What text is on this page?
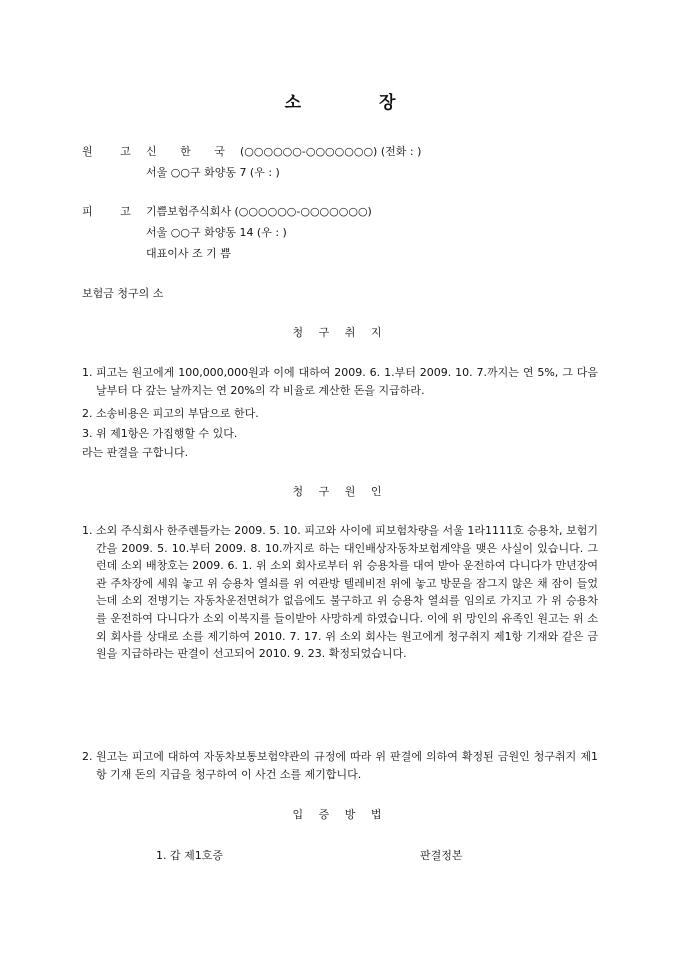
소	장
원 고 신 한 국 (○○○○○○-○○○○○○○) (전화 : )
서울 ○○구 화양동 7 (우 : )
피 고 기쁨보험주식회사 (○○○○○○-○○○○○○○)
서울 ○○구 화양동 14 (우 : )
대표이사 조 기 쁨
보험금 청구의 소
청 구 취 지
1. 피고는 원고에게 100,000,000원과 이에 대하여 2009. 6. 1.부터 2009. 10. 7.까지는 연 5%, 그 다음날부터 다 갚는 날까지는 연 20%의 각 비율로 계산한 돈을 지급하라.
2. 소송비용은 피고의 부담으로 한다.
3. 위 제1항은 가집행할 수 있다.
라는 판결을 구합니다.
청 구 원 인
1. 소외 주식회사 한주렌틀카는 2009. 5. 10. 피고와 사이에 피보험차량을 서울 1라1111호 승용차, 보험기간을 2009. 5. 10.부터 2009. 8. 10.까지로 하는 대인배상자동차보험계약을 맺은 사실이 있습니다. 그런데 소외 배창호는 2009. 6. 1. 위 소외 회사로부터 위 승용차를 대여 받아 운전하여 다니다가 만년장여관 주차장에 세워 놓고 위 승용차 열쇠를 위 여관방 텔레비전 위에 놓고 방문을 잠그지 않은 채 잠이 들었는데 소외 전병기는 자동차운전면허가 없음에도 불구하고 위 승용차 열쇠를 임의로 가지고 가 위 승용차를 운전하여 다니다가 소외 이복지를 들이받아 사망하게 하였습니다. 이에 위 망인의 유족인 원고는 위 소외 회사를 상대로 소를 제기하여 2010. 7. 17. 위 소외 회사는 원고에게 청구취지 제1항 기재와 같은 금원을 지급하라는 판결이 선고되어 2010. 9. 23. 확정되었습니다.
2. 원고는 피고에 대하여 자동차보통보험약관의 규정에 따라 위 판결에 의하여 확정된 금원인 청구취지 제1항 기재 돈의 지급을 청구하여 이 사건 소를 제기합니다.
입 증 방 법
1. 갑 제1호증	판결정본
